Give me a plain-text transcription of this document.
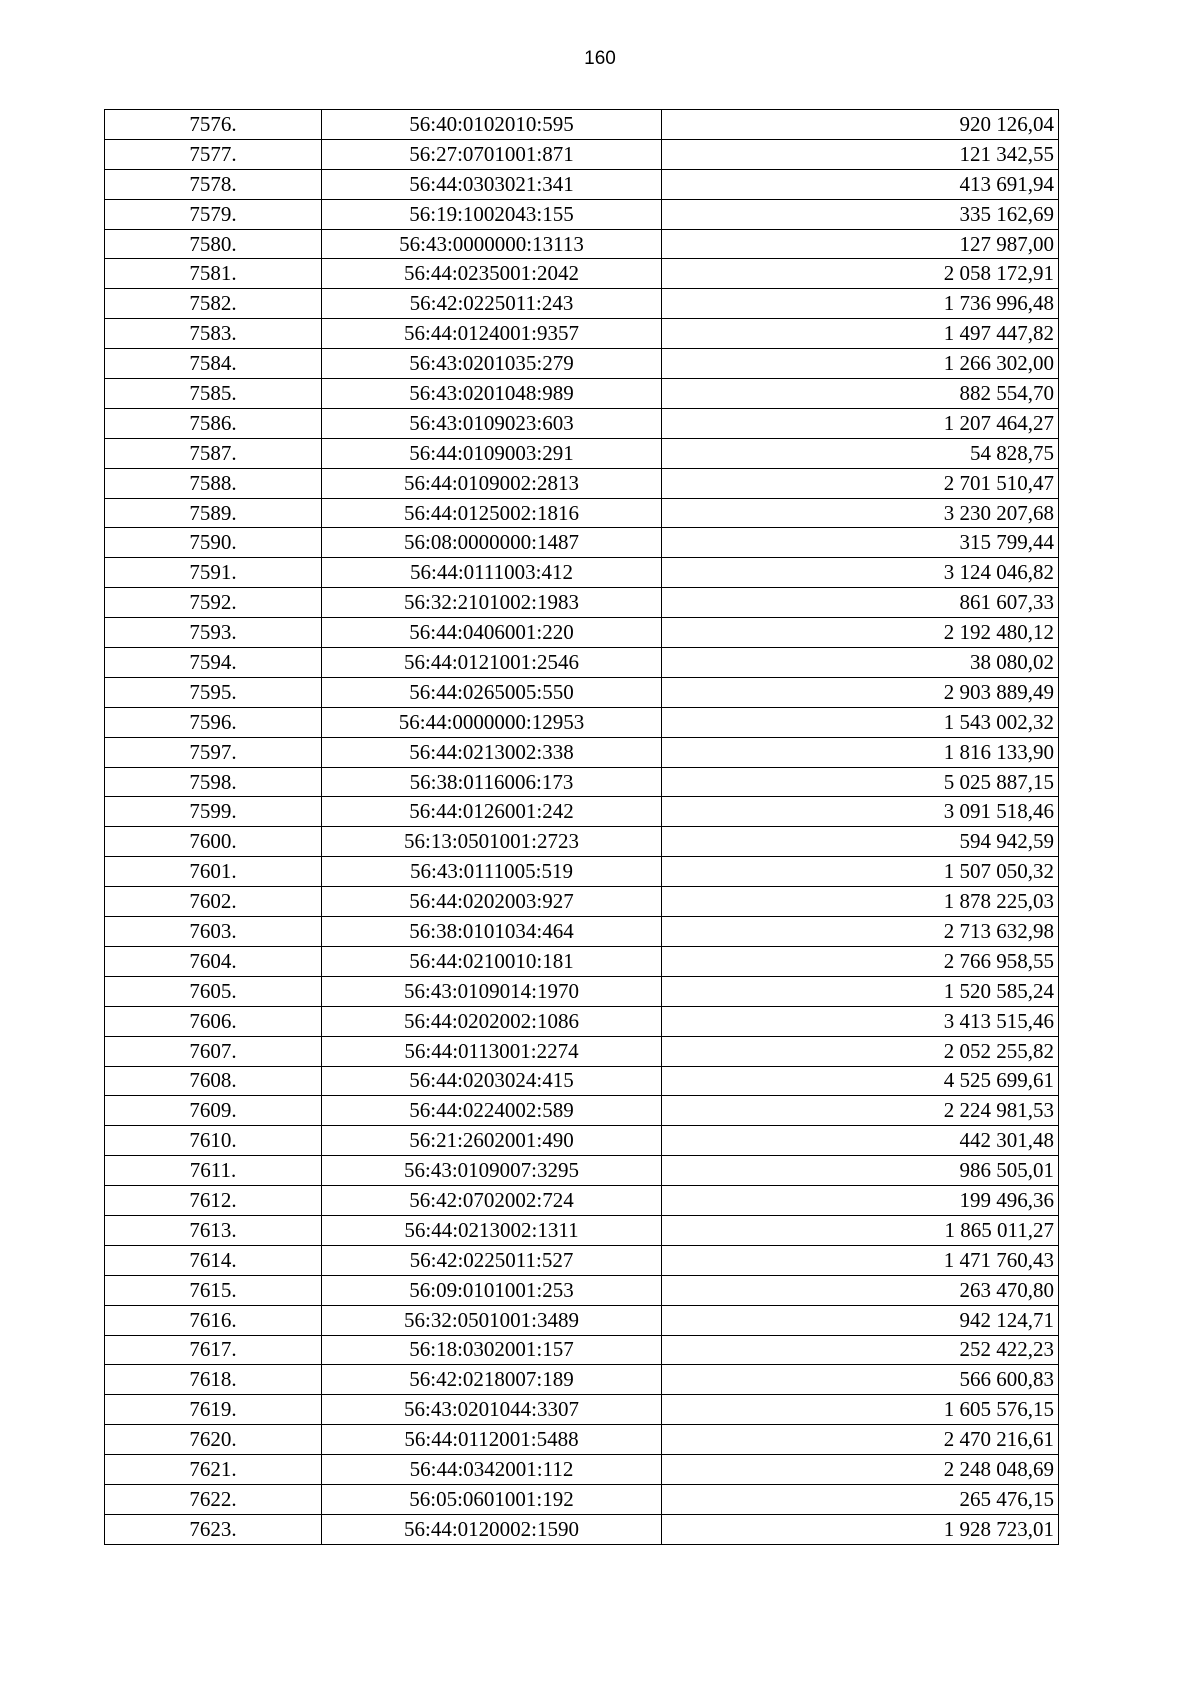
160
7576.	56:40:0102010:595	920 126,04
7577.	56:27:0701001:871	121 342,55
7578.	56:44:0303021:341	413 691,94
7579.	56:19:1002043:155	335 162,69
7580.	56:43:0000000:13113	127 987,00
7581.	56:44:0235001:2042	2 058 172,91
7582.	56:42:0225011:243	1 736 996,48
7583.	56:44:0124001:9357	1 497 447,82
7584.	56:43:0201035:279	1 266 302,00
7585.	56:43:0201048:989	882 554,70
7586.	56:43:0109023:603	1 207 464,27
7587.	56:44:0109003:291	54 828,75
7588.	56:44:0109002:2813	2 701 510,47
7589.	56:44:0125002:1816	3 230 207,68
7590.	56:08:0000000:1487	315 799,44
7591.	56:44:0111003:412	3 124 046,82
7592.	56:32:2101002:1983	861 607,33
7593.	56:44:0406001:220	2 192 480,12
7594.	56:44:0121001:2546	38 080,02
7595.	56:44:0265005:550	2 903 889,49
7596.	56:44:0000000:12953	1 543 002,32
7597.	56:44:0213002:338	1 816 133,90
7598.	56:38:0116006:173	5 025 887,15
7599.	56:44:0126001:242	3 091 518,46
7600.	56:13:0501001:2723	594 942,59
7601.	56:43:0111005:519	1 507 050,32
7602.	56:44:0202003:927	1 878 225,03
7603.	56:38:0101034:464	2 713 632,98
7604.	56:44:0210010:181	2 766 958,55
7605.	56:43:0109014:1970	1 520 585,24
7606.	56:44:0202002:1086	3 413 515,46
7607.	56:44:0113001:2274	2 052 255,82
7608.	56:44:0203024:415	4 525 699,61
7609.	56:44:0224002:589	2 224 981,53
7610.	56:21:2602001:490	442 301,48
7611.	56:43:0109007:3295	986 505,01
7612.	56:42:0702002:724	199 496,36
7613.	56:44:0213002:1311	1 865 011,27
7614.	56:42:0225011:527	1 471 760,43
7615.	56:09:0101001:253	263 470,80
7616.	56:32:0501001:3489	942 124,71
7617.	56:18:0302001:157	252 422,23
7618.	56:42:0218007:189	566 600,83
7619.	56:43:0201044:3307	1 605 576,15
7620.	56:44:0112001:5488	2 470 216,61
7621.	56:44:0342001:112	2 248 048,69
7622.	56:05:0601001:192	265 476,15
7623.	56:44:0120002:1590	1 928 723,01
